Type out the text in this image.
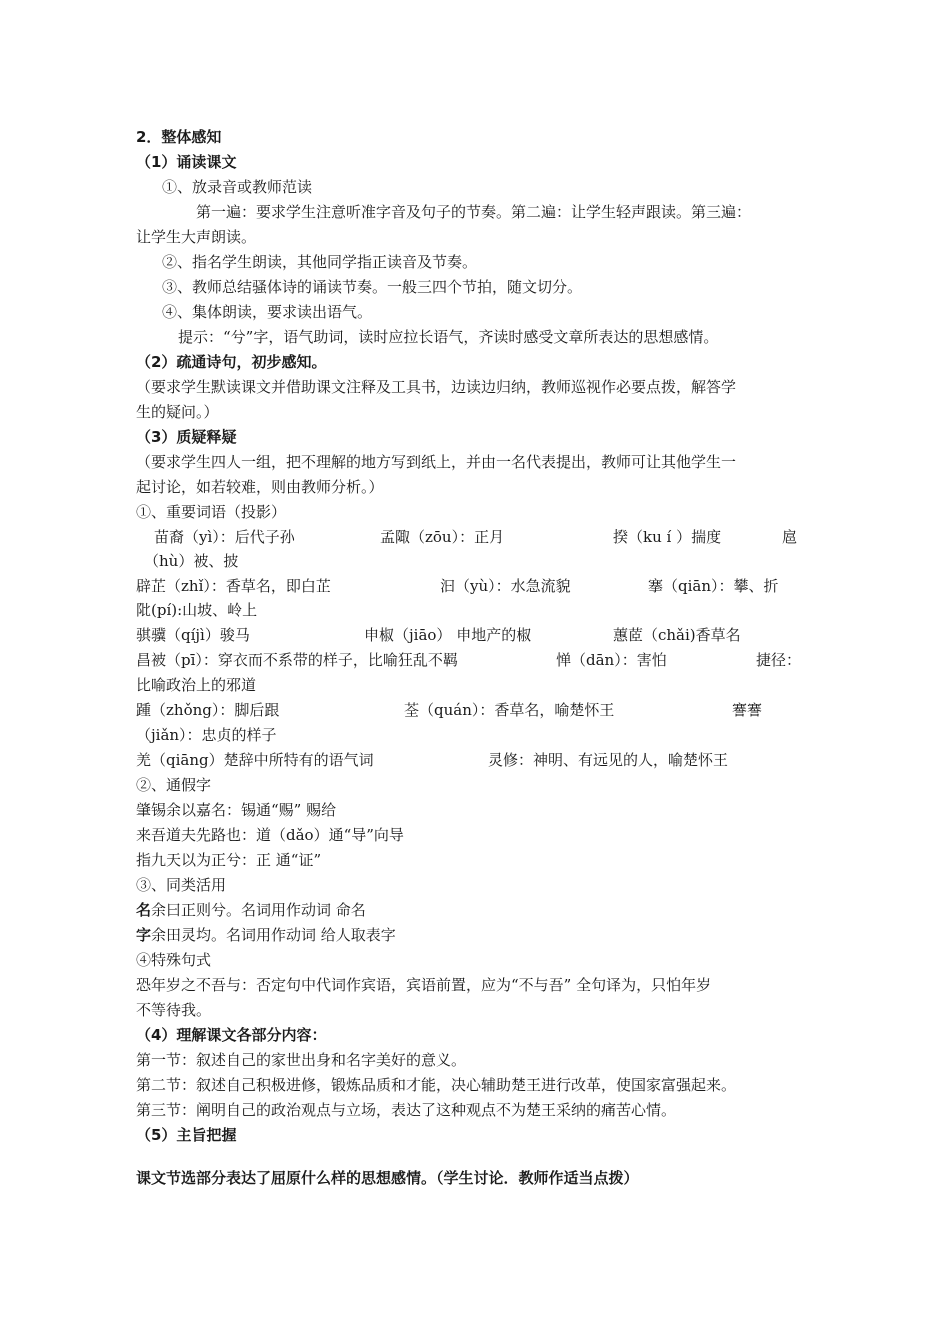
2．整体感知
（1）诵读课文
①、放录音或教师范读
第一遍：要求学生注意听准字音及句子的节奏。第二遍：让学生轻声跟读。第三遍：
让学生大声朗读。
②、指名学生朗读，其他同学指正读音及节奏。
③、教师总结骚体诗的诵读节奏。一般三四个节拍，随文切分。
④、集体朗读，要求读出语气。
提示：“兮”字，语气助词，读时应拉长语气，齐读时感受文章所表达的思想感情。
（2）疏通诗句，初步感知。
（要求学生默读课文并借助课文注释及工具书，边读边归纳，教师巡视作必要点拨，解答学
生的疑问。）
（3）质疑释疑
（要求学生四人一组，把不理解的地方写到纸上，并由一名代表提出，教师可让其他学生一
起讨论，如若较难，则由教师分析。）
①、重要词语（投影）
苗裔（yì）：后代子孙	孟陬（zōu）：正月	揆（ku í ）揣度	扈
（hù）被、披
辟芷（zhǐ）：香草名，即白芷	汩（yù）：水急流貌	搴（qiān）：攀、折
阰(pí):山坡、岭上
骐骥（qíjì）骏马	申椒（jiāo） 申地产的椒	蕙茝（chǎi)香草名
昌被（pī）：穿衣而不系带的样子，比喻狂乱不羁	惮（dān）：害怕	捷径：
比喻政治上的邪道
踵（zhǒng）：脚后跟	荃（quán）：香草名，喻楚怀王	謇謇
（jiǎn）：忠贞的样子
羌（qiāng）楚辞中所特有的语气词	灵修：神明、有远见的人，喻楚怀王
②、通假字
肇锡余以嘉名：锡通“赐” 赐给
来吾道夫先路也：道（dǎo）通“导”向导
指九天以为正兮：正 通“证”
③、同类活用
名余曰正则兮。名词用作动词 命名
字余田灵均。名词用作动词 给人取表字
④特殊句式
恐年岁之不吾与：否定句中代词作宾语，宾语前置，应为“不与吾” 全句译为，只怕年岁
不等待我。
（4）理解课文各部分内容：
第一节：叙述自己的家世出身和名字美好的意义。
第二节：叙述自己积极进修，锻炼品质和才能，决心辅助楚王进行改革，使国家富强起来。
第三节：阐明自己的政治观点与立场，表达了这种观点不为楚王采纳的痛苦心情。
（5）主旨把握
课文节选部分表达了屈原什么样的思想感情。（学生讨论．教师作适当点拨）
